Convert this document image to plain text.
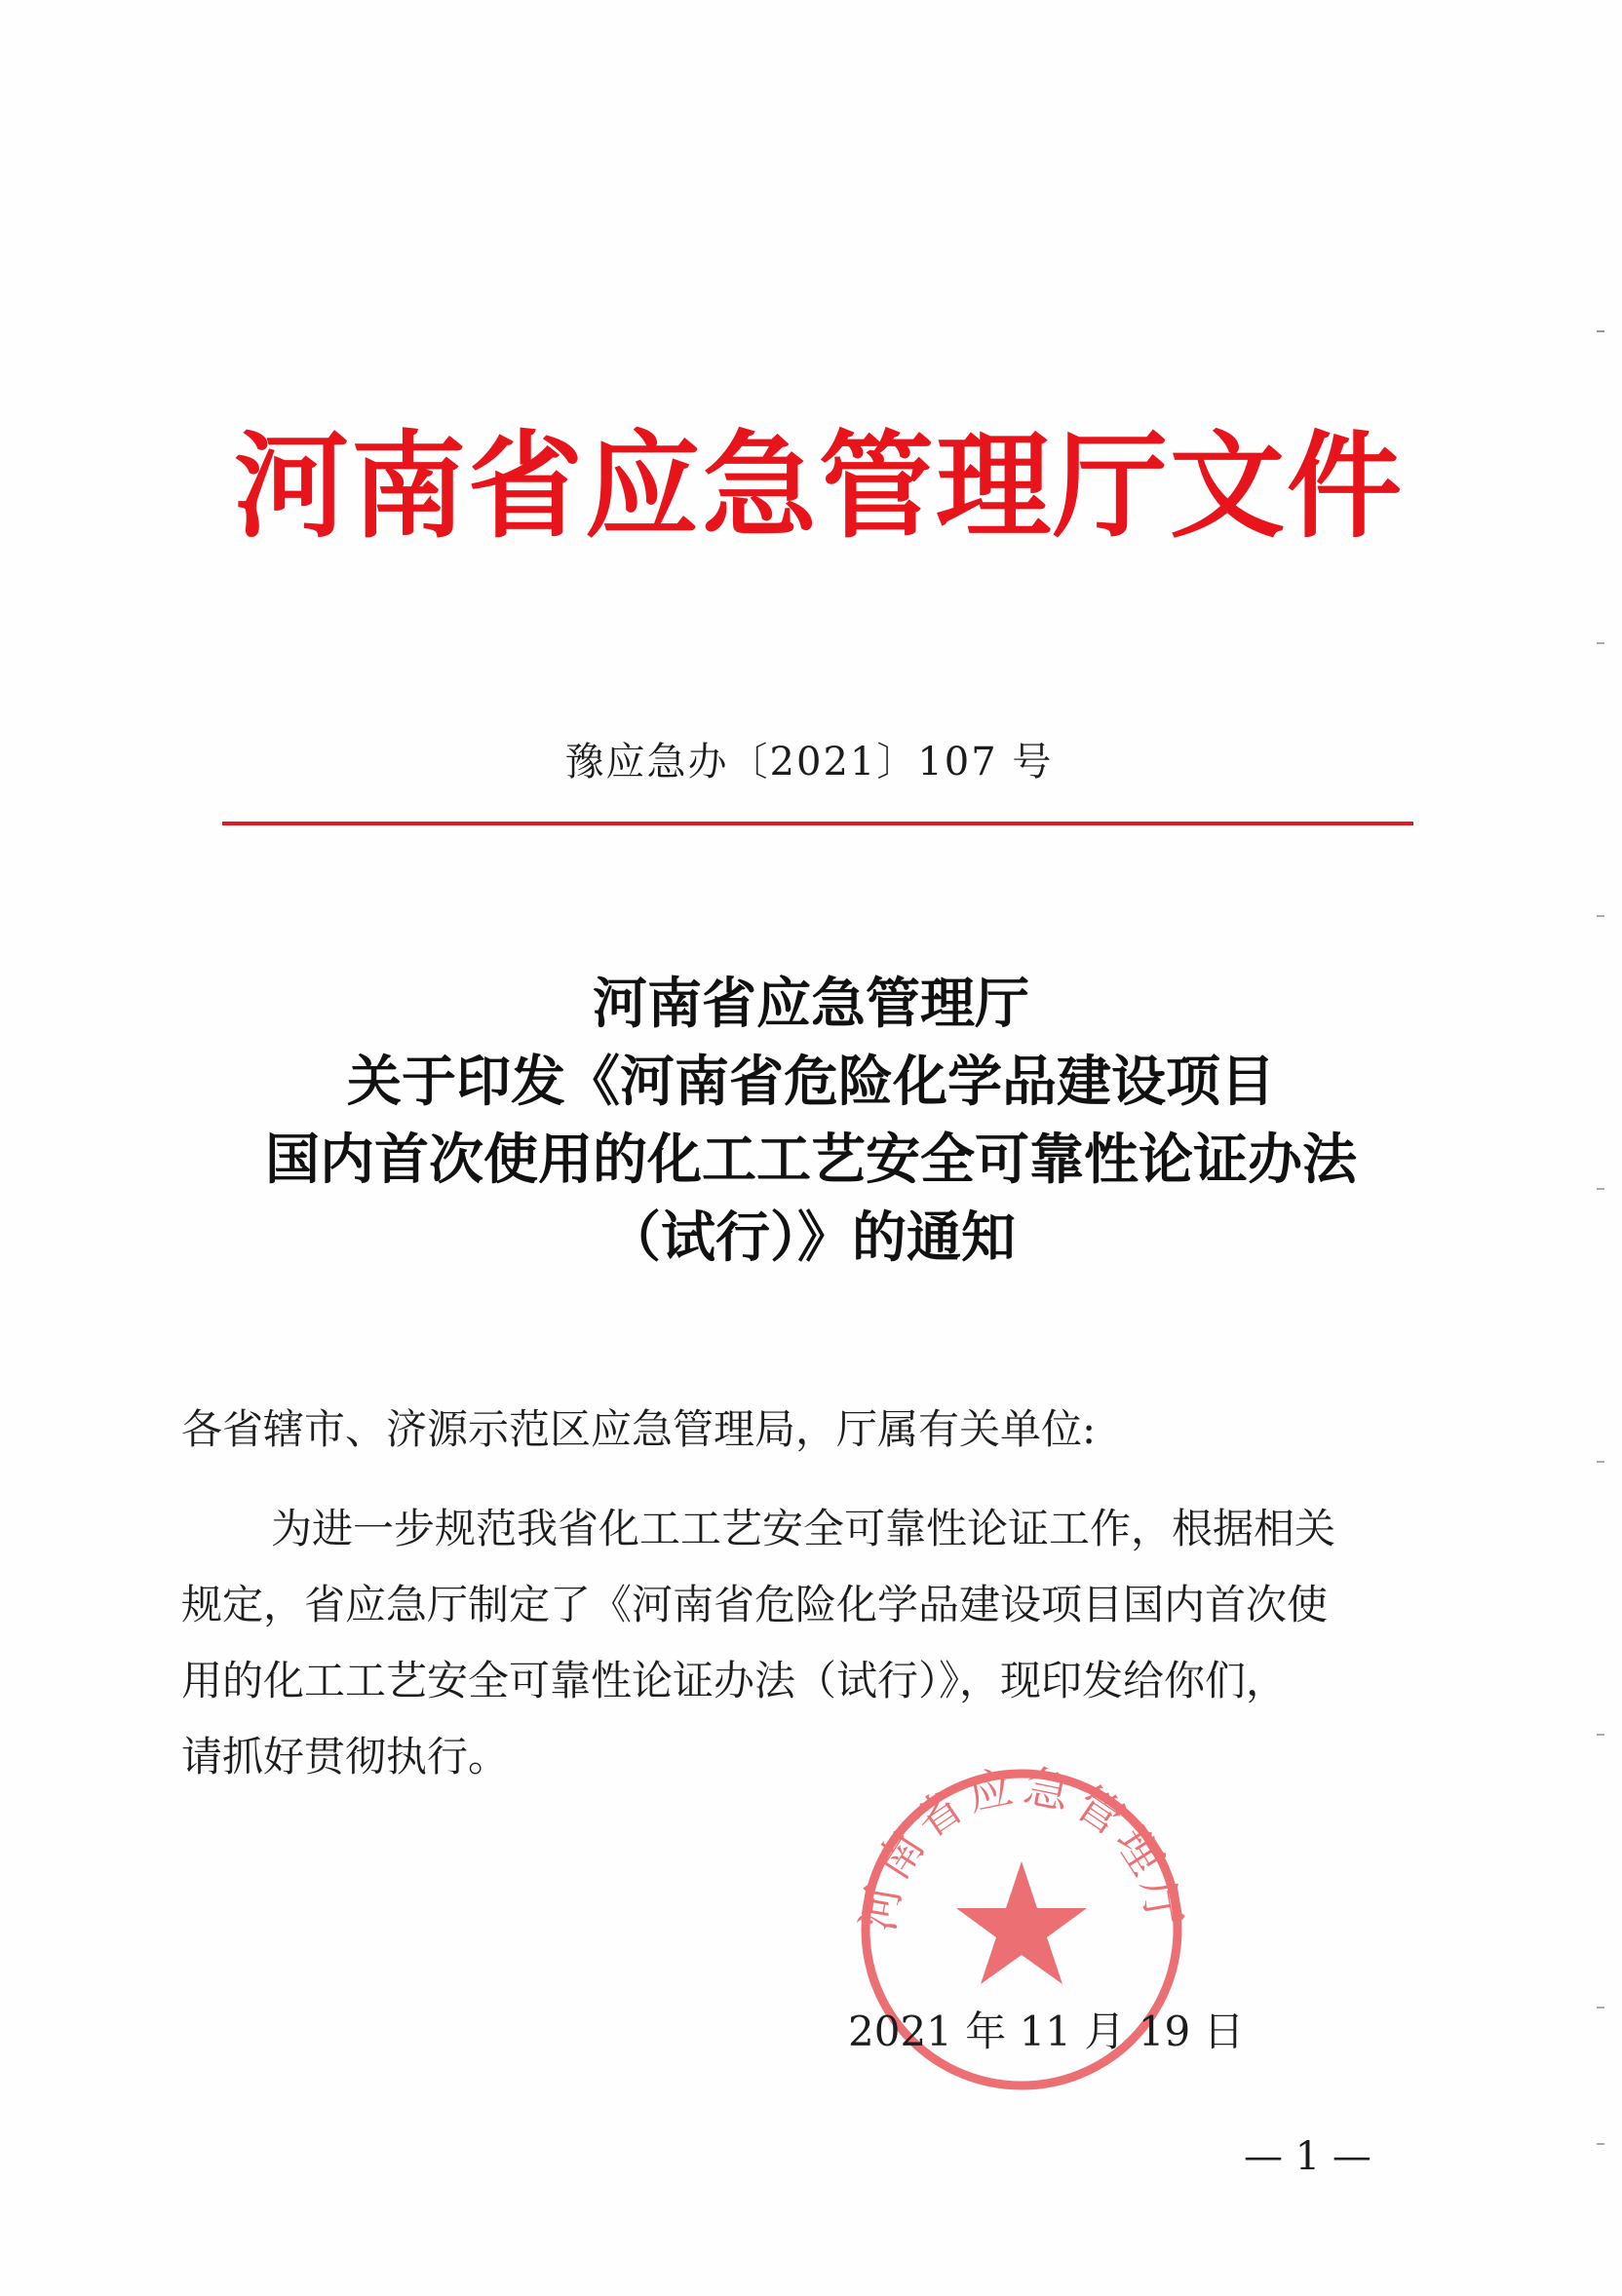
河南省应急管理厅文件
豫应急办〔2021〕107 号
河南省应急管理厅
关于印发《河南省危险化学品建设项目
国内首次使用的化工工艺安全可靠性论证办法
（试行）》的通知
各省辖市、济源示范区应急管理局，厅属有关单位:
为进一步规范我省化工工艺安全可靠性论证工作，根据相关
规定，省应急厅制定了《河南省危险化学品建设项目国内首次使
用的化工工艺安全可靠性论证办法（试行）》，现印发给你们，
请抓好贯彻执行。
河南省应急管理厅
2021 年 11 月 19 日
— 1 —
